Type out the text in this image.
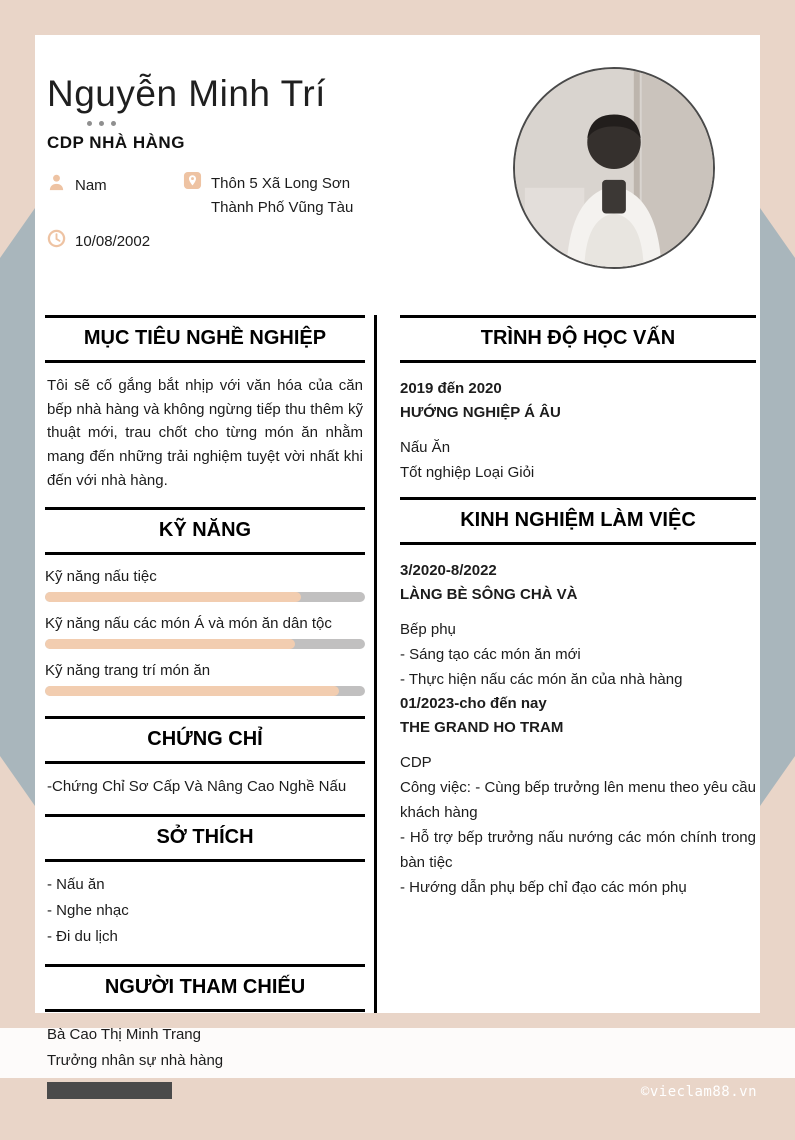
©vieclam88.vn
Nguyễn Minh Trí
CDP NHÀ HÀNG
Nam	Thôn 5 Xã Long Sơn
Thành Phố Vũng Tàu
10/08/2002
MỤC TIÊU NGHỀ NGHIỆP
Tôi sẽ cố gắng bắt nhịp với văn hóa của căn bếp nhà hàng và không ngừng tiếp thu thêm kỹ thuật mới, trau chốt cho từng món ăn nhằm mang đến những trải nghiệm tuyệt vời nhất khi đến với nhà hàng.
KỸ NĂNG
Kỹ năng nấu tiệc
Kỹ năng nấu các món Á và món ăn dân tộc
Kỹ năng trang trí món ăn
CHỨNG CHỈ
-Chứng Chỉ Sơ Cấp Và Nâng Cao Nghề Nấu
SỞ THÍCH
- Nấu ăn
- Nghe nhạc
- Đi du lịch
NGƯỜI THAM CHIẾU
Bà Cao Thị Minh Trang
Trưởng nhân sự nhà hàng
TRÌNH ĐỘ HỌC VẤN
2019 đến 2020
HƯỚNG NGHIỆP Á ÂU
Nấu Ăn
Tốt nghiệp Loại Giỏi
KINH NGHIỆM LÀM VIỆC
3/2020-8/2022
LÀNG BÈ SÔNG CHÀ VÀ
Bếp phụ
- Sáng tạo các món ăn mới
- Thực hiện nấu các món ăn của nhà hàng
01/2023-cho đến nay
THE GRAND HO TRAM
CDP
Công việc: - Cùng bếp trưởng lên menu theo yêu cầu khách hàng
- Hỗ trợ bếp trưởng nấu nướng các món chính trong bàn tiệc
- Hướng dẫn phụ bếp chỉ đạo các món phụ
